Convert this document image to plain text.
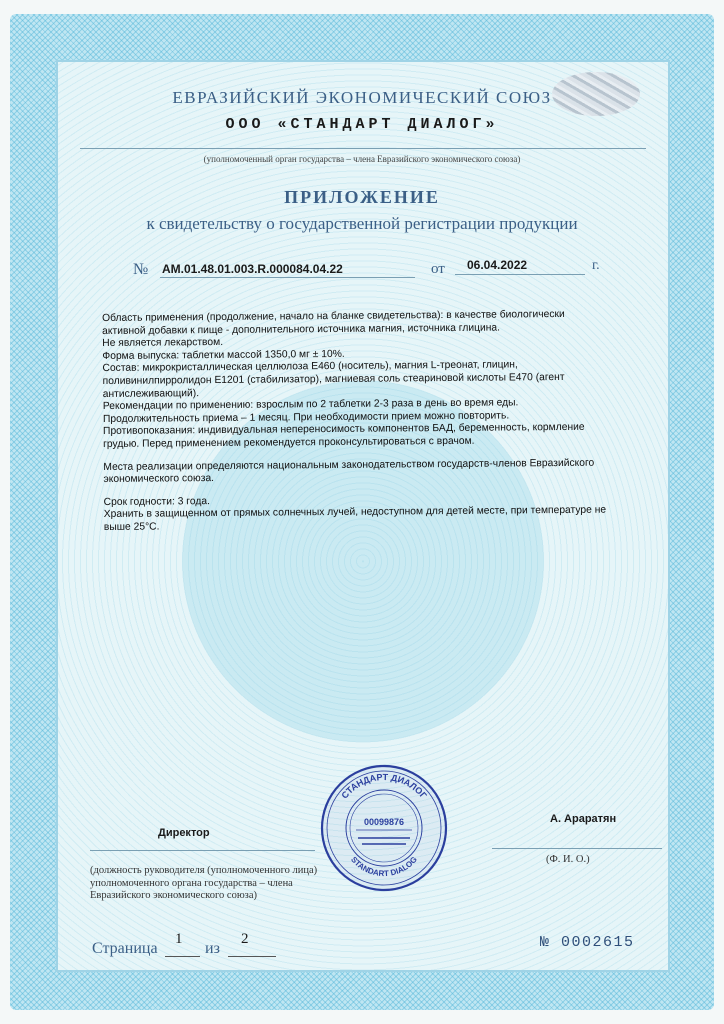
ЕВРАЗИЙСКИЙ ЭКОНОМИЧЕСКИЙ СОЮЗ
ООО «СТАНДАРТ ДИАЛОГ»
(уполномоченный орган государства – члена Евразийского экономического союза)
ПРИЛОЖЕНИЕ
к свидетельству о государственной регистрации продукции
№ AM.01.48.01.003.R.000084.04.22	от 06.04.2022	г.

Область применения (продолжение, начало на бланке свидетельства): в качестве биологически активной добавки к пище - дополнительного источника магния, источника глицина.

Не является лекарством.

Форма выпуска: таблетки массой 1350,0 мг ± 10%.

Состав: микрокристаллическая целлюлоза Е460 (носитель), магния L-треонат, глицин, поливинилпирролидон Е1201 (стабилизатор), магниевая соль стеариновой кислоты Е470 (агент антислеживающий).

Рекомендации по применению: взрослым по 2 таблетки 2-3 раза в день во время еды. Продолжительность приема – 1 месяц. При необходимости прием можно повторить.

Противопоказания: индивидуальная непереносимость компонентов БАД, беременность, кормление грудью. Перед применением рекомендуется проконсультироваться с врачом.

Места реализации определяются национальным законодательством государств-членов Евразийского экономического союза.

Срок годности: 3 года.

Хранить в защищенном от прямых солнечных лучей, недоступном для детей месте, при температуре не выше 25°С.

Директор
А. Араратян
(должность руководителя (уполномоченного лица) уполномоченного органа государства – члена Евразийского экономического союза)
(Ф. И. О.)
СТАНДАРТ ДИАЛОГ
STANDART DIALOG
00099876
Страница
1
из
2	№ 0002615
